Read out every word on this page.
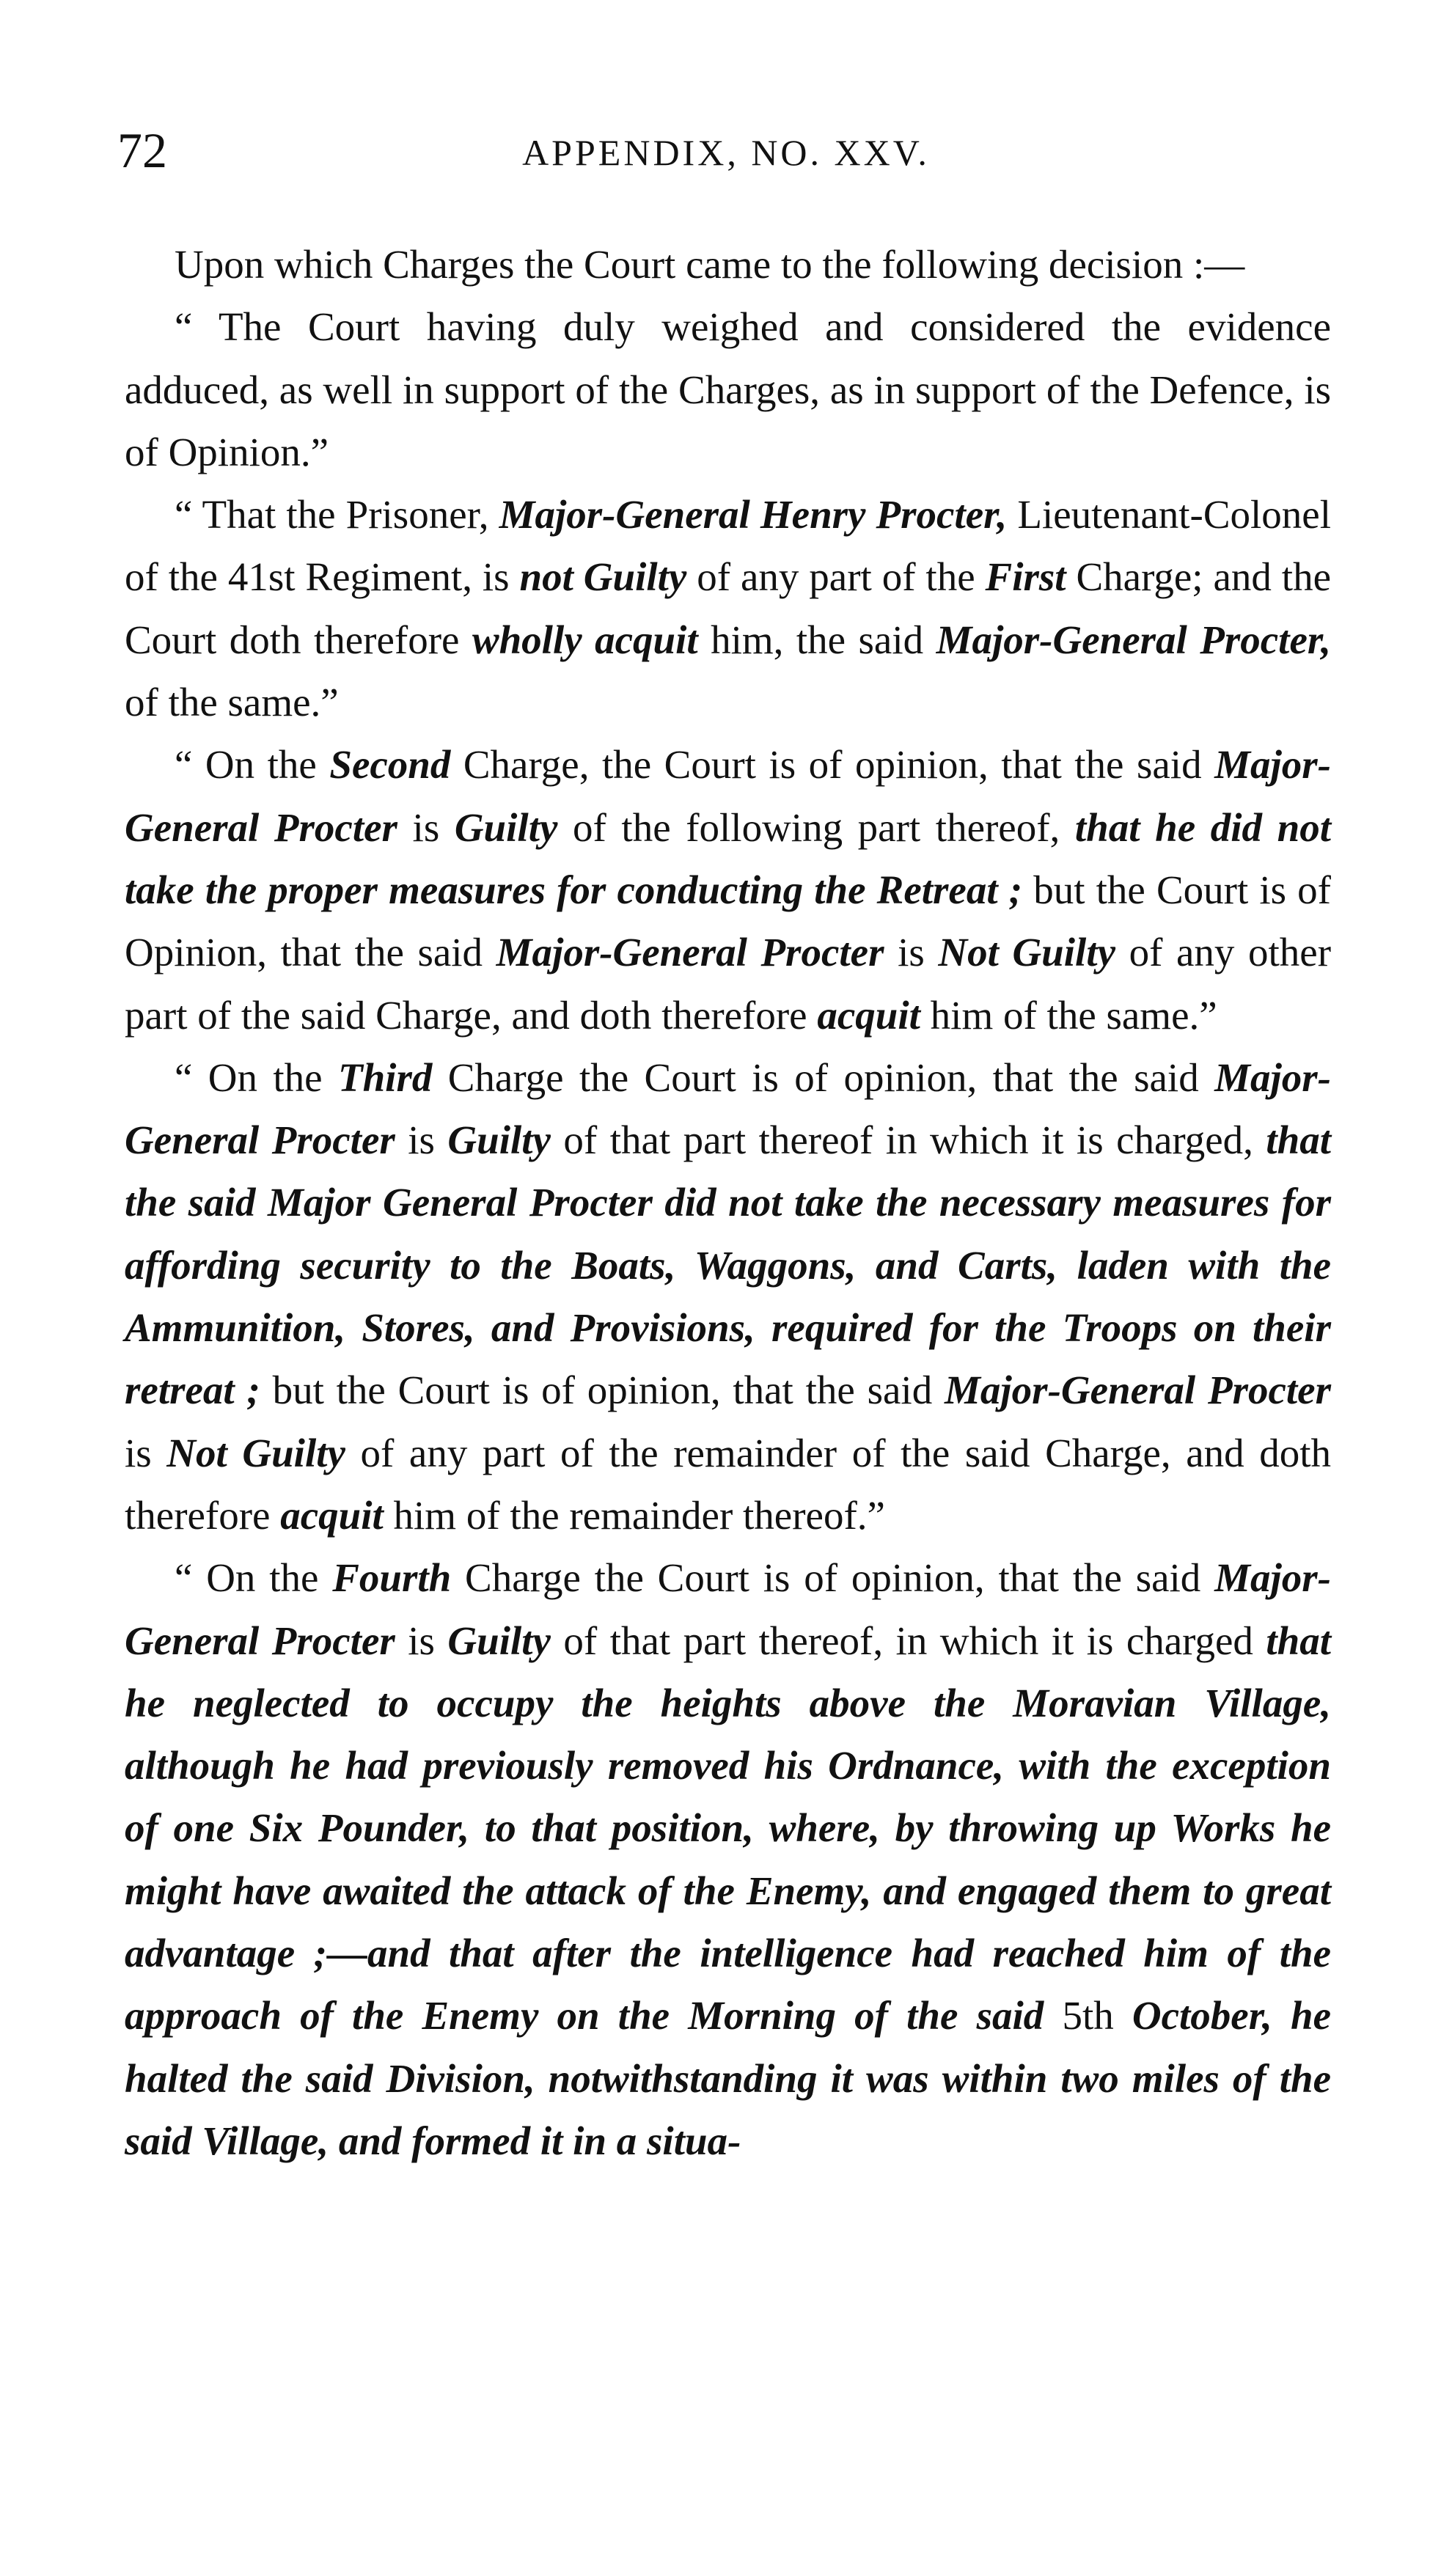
72	APPENDIX, NO. XXV.

Upon which Charges the Court came to the following decision :—

“ The Court having duly weighed and considered the evidence adduced, as well in support of the Charges, as in support of the Defence, is of Opinion.”

“ That the Prisoner, Major-General Henry Procter, Lieutenant-Colonel of the 41st Regiment, is not Guilty of any part of the First Charge; and the Court doth therefore wholly acquit him, the said Major-General Procter, of the same.”

“ On the Second Charge, the Court is of opinion, that the said Major-General Procter is Guilty of the following part thereof, that he did not take the proper measures for conducting the Retreat ; but the Court is of Opinion, that the said Major-General Procter is Not Guilty of any other part of the said Charge, and doth therefore acquit him of the same.”

“ On the Third Charge the Court is of opinion, that the said Major-General Procter is Guilty of that part thereof in which it is charged, that the said Major General Procter did not take the necessary measures for affording security to the Boats, Waggons, and Carts, laden with the Ammunition, Stores, and Provisions, required for the Troops on their retreat ; but the Court is of opinion, that the said Major-General Procter is Not Guilty of any part of the remainder of the said Charge, and doth therefore acquit him of the remainder thereof.”

“ On the Fourth Charge the Court is of opinion, that the said Major-General Procter is Guilty of that part thereof, in which it is charged that he neglected to occupy the heights above the Moravian Village, although he had previously removed his Ordnance, with the exception of one Six Pounder, to that position, where, by throwing up Works he might have awaited the attack of the Enemy, and engaged them to great advantage ;—and that after the intelligence had reached him of the approach of the Enemy on the Morning of the said 5th October, he halted the said Division, notwithstanding it was within two miles of the said Village, and formed it in a situa-
